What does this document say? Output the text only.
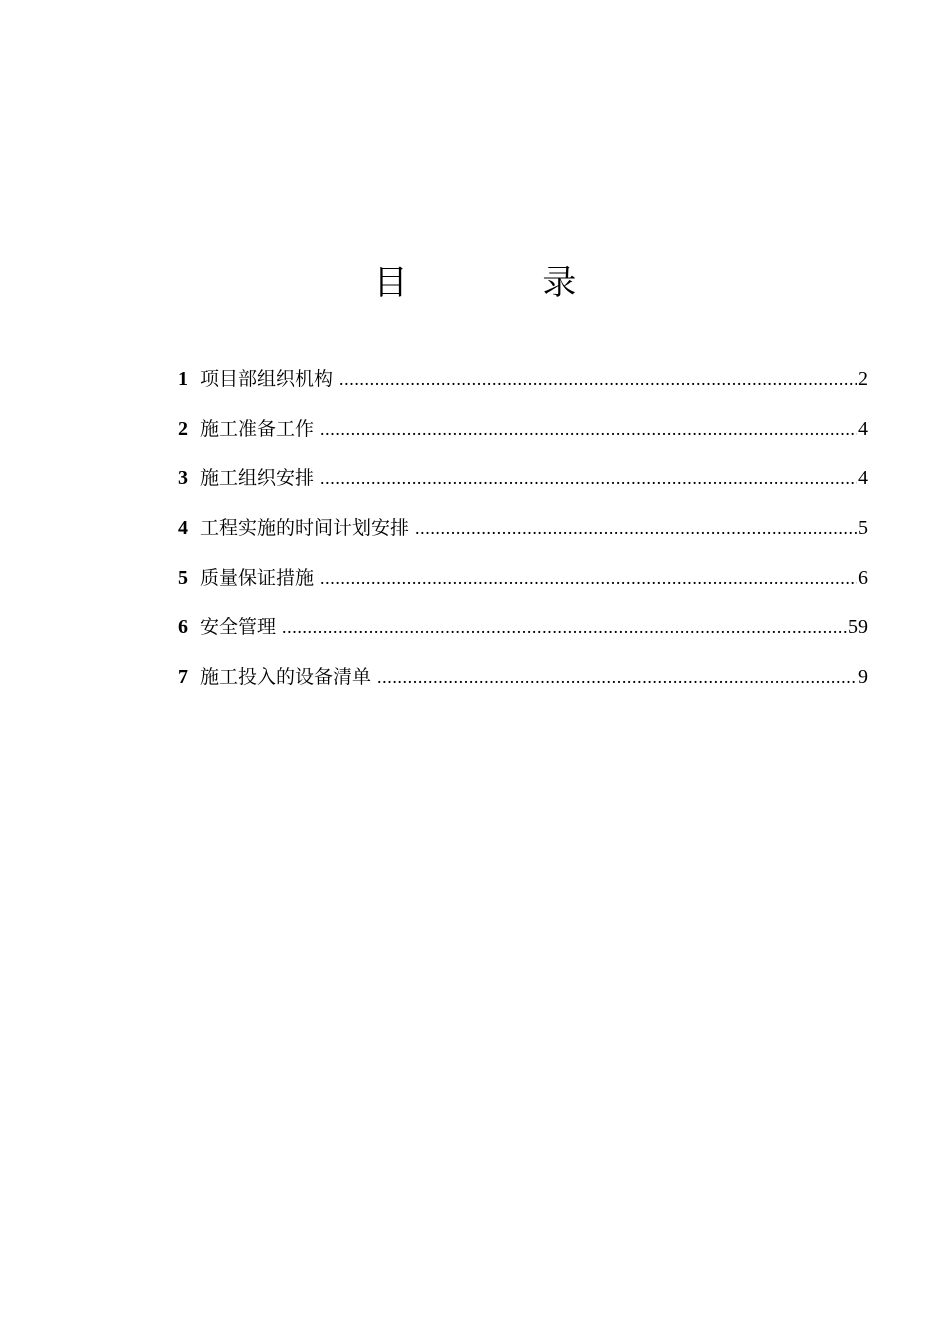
目 录
1 项目部组织机构 .....	2
2 施工准备工作 .....	4
3 施工组织安排 .....	4
4 工程实施的时间计划安排 .....	5
5 质量保证措施 .....	6
6 安全管理 .....	59
7 施工投入的设备清单 .....	9
